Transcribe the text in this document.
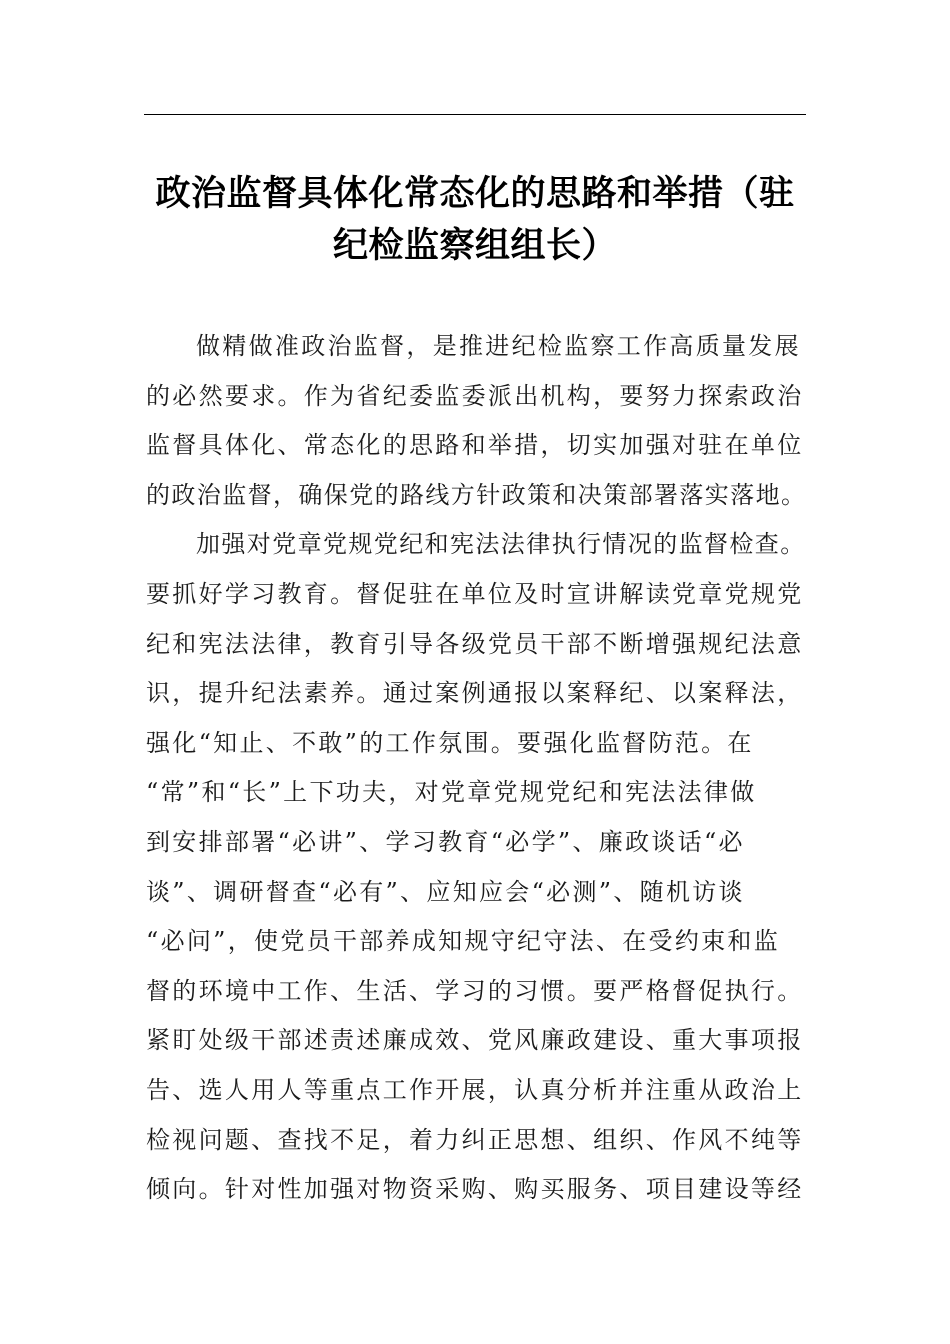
政治监督具体化常态化的思路和举措（驻
纪检监察组组长）
做精做准政治监督，是推进纪检监察工作高质量发展
的必然要求。作为省纪委监委派出机构，要努力探索政治
监督具体化、常态化的思路和举措，切实加强对驻在单位
的政治监督，确保党的路线方针政策和决策部署落实落地。
加强对党章党规党纪和宪法法律执行情况的监督检查。
要抓好学习教育。督促驻在单位及时宣讲解读党章党规党
纪和宪法法律，教育引导各级党员干部不断增强规纪法意
识，提升纪法素养。通过案例通报以案释纪、以案释法，
强化“知止、不敢”的工作氛围。要强化监督防范。在
“常”和“长”上下功夫，对党章党规党纪和宪法法律做
到安排部署“必讲”、学习教育“必学”、廉政谈话“必
谈”、调研督查“必有”、应知应会“必测”、随机访谈
“必问”，使党员干部养成知规守纪守法、在受约束和监
督的环境中工作、生活、学习的习惯。要严格督促执行。
紧盯处级干部述责述廉成效、党风廉政建设、重大事项报
告、选人用人等重点工作开展，认真分析并注重从政治上
检视问题、查找不足，着力纠正思想、组织、作风不纯等
倾向。针对性加强对物资采购、购买服务、项目建设等经
